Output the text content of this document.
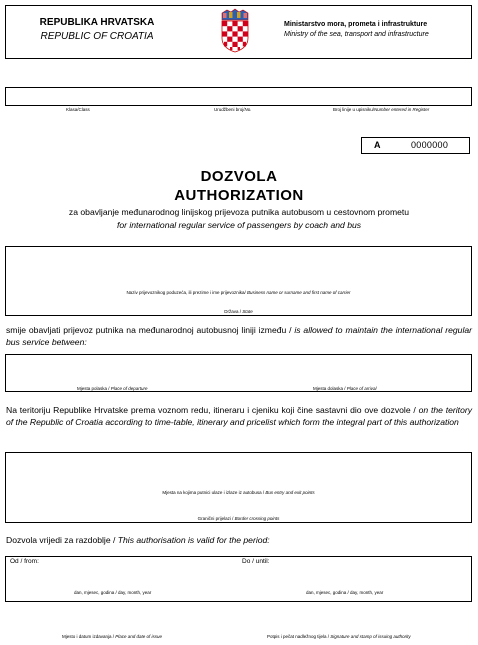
REPUBLIKA HRVATSKA
REPUBLIC OF CROATIA
Ministarstvo mora, prometa i infrastrukture
Ministry of the sea, transport and infrastructure
Klasa/Class	Urudžbeni broj/No.	Broj linije u upisniku/Number entered in Register
A	0000000
DOZVOLA
AUTHORIZATION
za obavljanje međunarodnog linijskog prijevoza putnika autobusom u cestovnom prometu
for international regular service of passengers by coach and bus
Naziv prijevoznikog poduzeća, ili prezime i ime prijevoznika/ Business name or surname and first name of carrier
Država / State
smije obavljati prijevoz putnika na međunarodnoj autobusnoj liniji između / is allowed to maintain the international regular bus service between:
Mjesta polaska / Place of departure	Mjesta dolaska / Place of arrival
Na teritoriju Republike Hrvatske prema voznom redu, itineraru i cjeniku koji čine sastavni dio ove dozvole / on the teritory of the Republic of Croatia according to time-table, itinerary and pricelist which form the integral part of this authorization
Mjesta na kojima putnici ulaze i izlaze iz autobusa / Bus entry and exit points
Granični prijelazi / Border crossing points
Dozvola vrijedi za razdoblje / This authorisation is valid for the period:
Od / from:	Do / until:
dan, mjesec, godina / day, month, year	dan, mjesec, godina / day, month, year
Mjesto i datum izdavanja / Place and date of issue	Potpis i pečat nadležnog tijela / Signature and stamp of issuing authority
